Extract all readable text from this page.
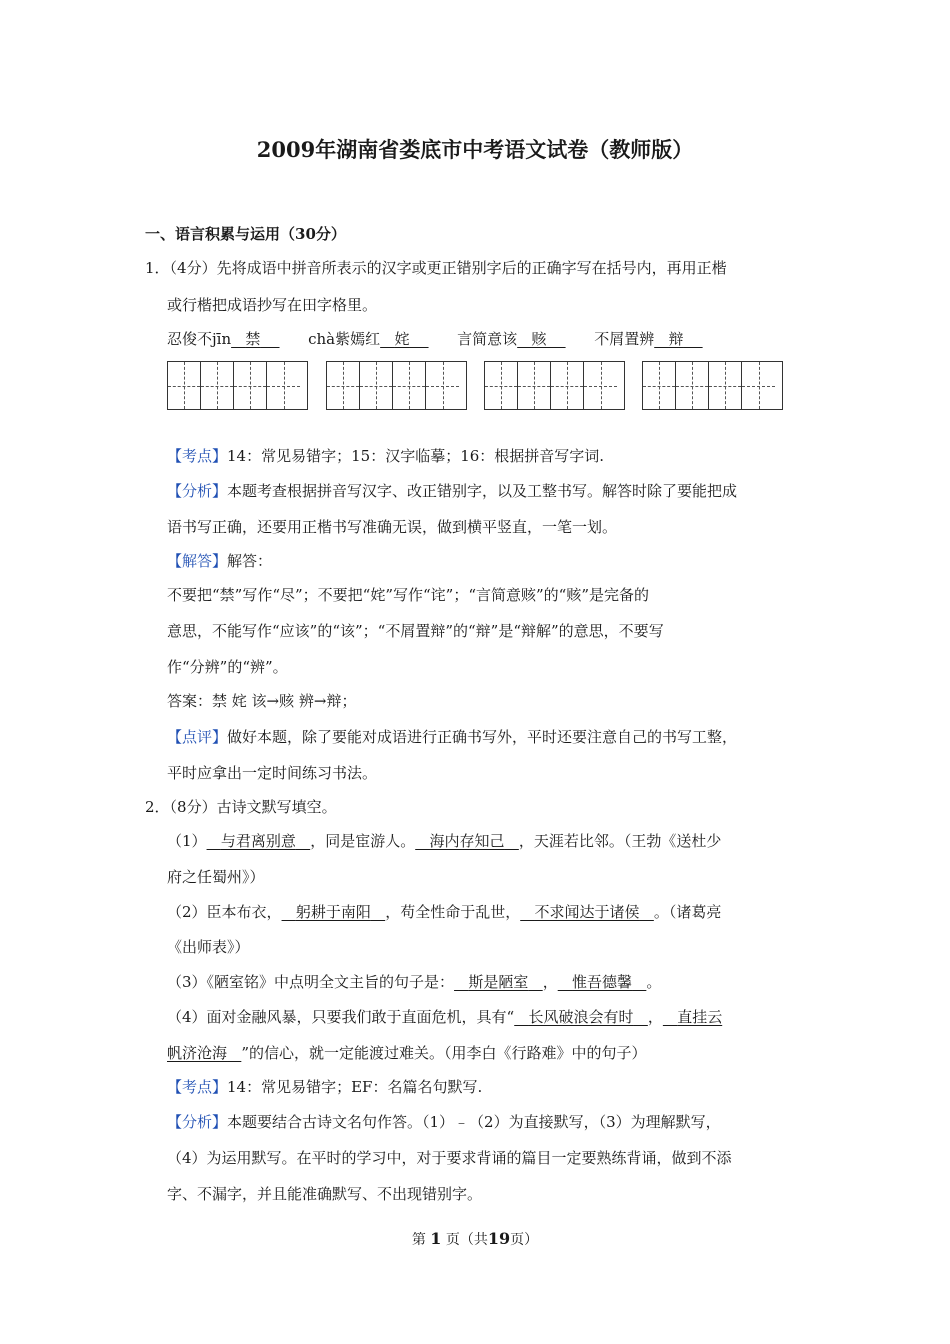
2009年湖南省娄底市中考语文试卷（教师版）
一、语言积累与运用（30分）
1．（4分）先将成语中拼音所表示的汉字或更正错别字后的正确字写在括号内，再用正楷
或行楷把成语抄写在田字格里。
忍俊不jīn 禁	chà紫嫣红 姹	言简意该 赅	不屑置辨 辩
【考点】14：常见易错字；15：汉字临摹；16：根据拼音写字词.
【分析】本题考查根据拼音写汉字、改正错别字，以及工整书写。解答时除了要能把成
语书写正确，还要用正楷书写准确无误，做到横平竖直，一笔一划。
【解答】解答：
不要把“禁”写作“尽”；不要把“姹”写作“诧”；“言简意赅”的“赅”是完备的
意思，不能写作“应该”的“该”；“不屑置辩”的“辩”是“辩解”的意思，不要写
作“分辨”的“辨”。
答案：禁 姹 该→赅 辨→辩；
【点评】做好本题，除了要能对成语进行正确书写外，平时还要注意自己的书写工整，
平时应拿出一定时间练习书法。
2．（8分）古诗文默写填空。
（1） 与君离别意 ，同是宦游人。 海内存知己 ，天涯若比邻。（王勃《送杜少
府之任蜀州》）
（2）臣本布衣， 躬耕于南阳 ，苟全性命于乱世， 不求闻达于诸侯 。（诸葛亮
《出师表》）
（3）《陋室铭》中点明全文主旨的句子是： 斯是陋室 ， 惟吾德馨 。
（4）面对金融风暴，只要我们敢于直面危机，具有“ 长风破浪会有时 ， 直挂云
帆济沧海 ”的信心，就一定能渡过难关。（用李白《行路难》中的句子）
【考点】14：常见易错字；EF：名篇名句默写.
【分析】本题要结合古诗文名句作答。（1）﹣（2）为直接默写，（3）为理解默写，
（4）为运用默写。在平时的学习中，对于要求背诵的篇目一定要熟练背诵，做到不添
字、不漏字，并且能准确默写、不出现错别字。
第 1 页（共19页）
